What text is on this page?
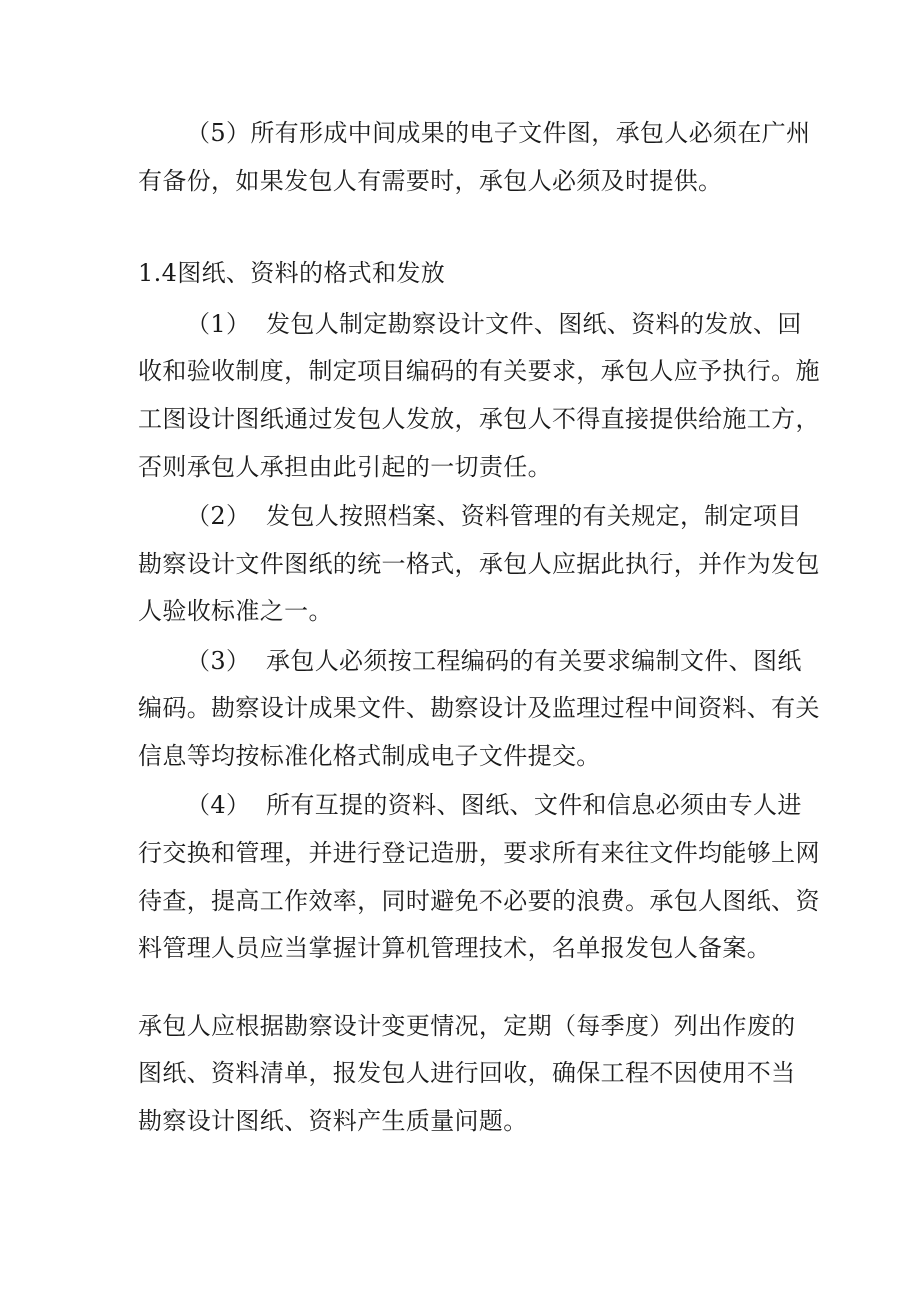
（5）所有形成中间成果的电子文件图，承包人必须在广州
有备份，如果发包人有需要时，承包人必须及时提供。
1.4图纸、资料的格式和发放
（1） 发包人制定勘察设计文件、图纸、资料的发放、回
收和验收制度，制定项目编码的有关要求，承包人应予执行。施
工图设计图纸通过发包人发放，承包人不得直接提供给施工方，
否则承包人承担由此引起的一切责任。
（2） 发包人按照档案、资料管理的有关规定，制定项目
勘察设计文件图纸的统一格式，承包人应据此执行，并作为发包
人验收标准之一。
（3） 承包人必须按工程编码的有关要求编制文件、图纸
编码。勘察设计成果文件、勘察设计及监理过程中间资料、有关
信息等均按标准化格式制成电子文件提交。
（4） 所有互提的资料、图纸、文件和信息必须由专人进
行交换和管理，并进行登记造册，要求所有来往文件均能够上网
待查，提高工作效率，同时避免不必要的浪费。承包人图纸、资
料管理人员应当掌握计算机管理技术，名单报发包人备案。
承包人应根据勘察设计变更情况，定期（每季度）列出作废的
图纸、资料清单，报发包人进行回收，确保工程不因使用不当
勘察设计图纸、资料产生质量问题。
